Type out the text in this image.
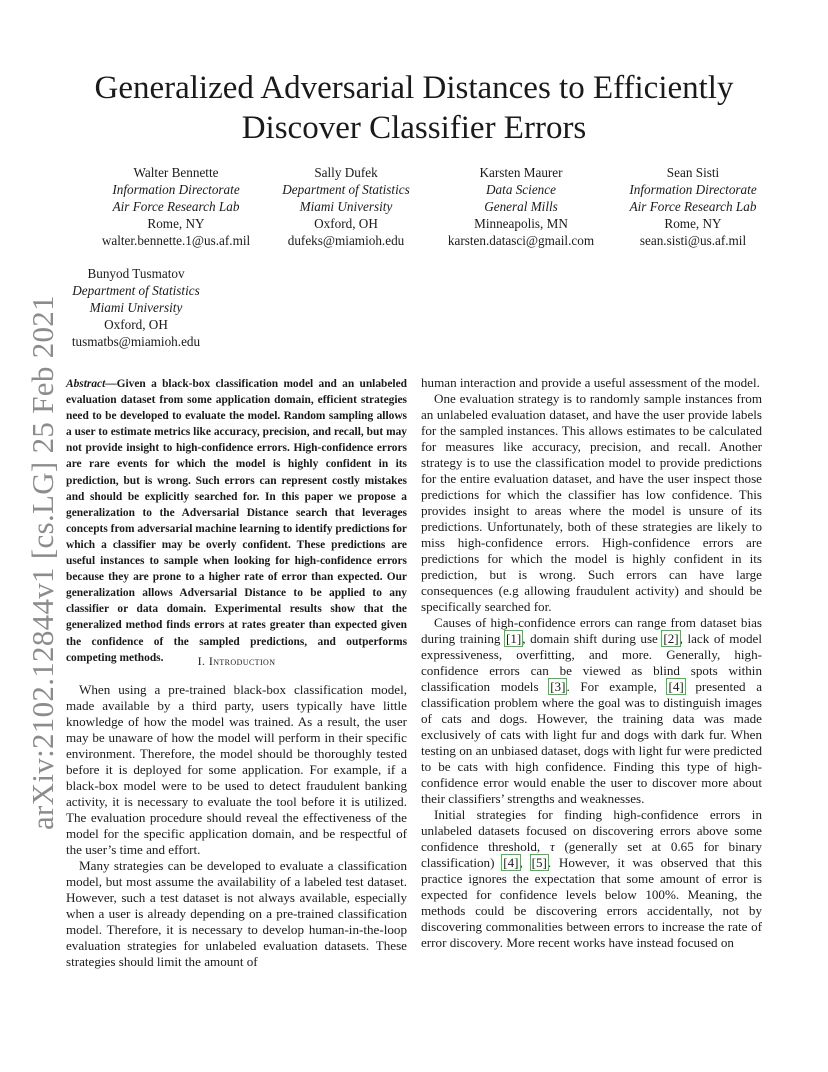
arXiv:2102.12844v1 [cs.LG] 25 Feb 2021
Generalized Adversarial Distances to Efficiently
Discover Classifier Errors
Walter Bennette
Information Directorate
Air Force Research Lab
Rome, NY
walter.bennette.1@us.af.mil
Sally Dufek
Department of Statistics
Miami University
Oxford, OH
dufeks@miamioh.edu
Karsten Maurer
Data Science
General Mills
Minneapolis, MN
karsten.datasci@gmail.com
Sean Sisti
Information Directorate
Air Force Research Lab
Rome, NY
sean.sisti@us.af.mil
Bunyod Tusmatov
Department of Statistics
Miami University
Oxford, OH
tusmatbs@miamioh.edu
Abstract—Given a black-box classification model and an unlabeled evaluation dataset from some application domain, efficient strategies need to be developed to evaluate the model. Random sampling allows a user to estimate metrics like accuracy, precision, and recall, but may not provide insight to high-confidence errors. High-confidence errors are rare events for which the model is highly confident in its prediction, but is wrong. Such errors can represent costly mistakes and should be explicitly searched for. In this paper we propose a generalization to the Adversarial Distance search that leverages concepts from adversarial machine learning to identify predictions for which a classifier may be overly confident. These predictions are useful instances to sample when looking for high-confidence errors because they are prone to a higher rate of error than expected. Our generalization allows Adversarial Distance to be applied to any classifier or data domain. Experimental results show that the generalized method finds errors at rates greater than expected given the confidence of the sampled predictions, and outperforms competing methods.	I. Introduction

When using a pre-trained black-box classification model, made available by a third party, users typically have little knowledge of how the model was trained. As a result, the user may be unaware of how the model will perform in their specific environment. Therefore, the model should be thoroughly tested before it is deployed for some application. For example, if a black-box model were to be used to detect fraudulent banking activity, it is necessary to evaluate the tool before it is utilized. The evaluation procedure should reveal the effectiveness of the model for the specific application domain, and be respectful of the user’s time and effort.

Many strategies can be developed to evaluate a classification model, but most assume the availability of a labeled test dataset. However, such a test dataset is not always available, especially when a user is already depending on a pre-trained classification model. Therefore, it is necessary to develop human-in-the-loop evaluation strategies for unlabeled evaluation datasets. These strategies should limit the amount of

human interaction and provide a useful assessment of the model.

One evaluation strategy is to randomly sample instances from an unlabeled evaluation dataset, and have the user provide labels for the sampled instances. This allows estimates to be calculated for measures like accuracy, precision, and recall. Another strategy is to use the classification model to provide predictions for the entire evaluation dataset, and have the user inspect those predictions for which the classifier has low confidence. This provides insight to areas where the model is unsure of its predictions. Unfortunately, both of these strategies are likely to miss high-confidence errors. High-confidence errors are predictions for which the model is highly confident in its prediction, but is wrong. Such errors can have large consequences (e.g allowing fraudulent activity) and should be specifically searched for.

Causes of high-confidence errors can range from dataset bias during training [1], domain shift during use [2], lack of model expressiveness, overfitting, and more. Generally, high-confidence errors can be viewed as blind spots within classification models [3]. For example, [4] presented a classification problem where the goal was to distinguish images of cats and dogs. However, the training data was made exclusively of cats with light fur and dogs with dark fur. When testing on an unbiased dataset, dogs with light fur were predicted to be cats with high confidence. Finding this type of high-confidence error would enable the user to discover more about their classifiers’ strengths and weaknesses.

Initial strategies for finding high-confidence errors in unlabeled datasets focused on discovering errors above some confidence threshold, τ (generally set at 0.65 for binary classification) [4], [5]. However, it was observed that this practice ignores the expectation that some amount of error is expected for confidence levels below 100%. Meaning, the methods could be discovering errors accidentally, not by discovering commonalities between errors to increase the rate of error discovery. More recent works have instead focused on
